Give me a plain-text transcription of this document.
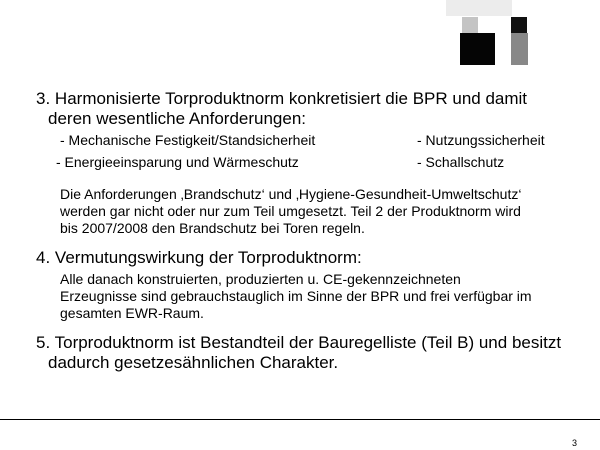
3. Harmonisierte Torproduktnorm konkretisiert die BPR und damit
deren wesentliche Anforderungen:
- Mechanische Festigkeit/Standsicherheit
- Energieeinsparung und Wärmeschutz
- Nutzungssicherheit
- Schallschutz
Die Anforderungen ‚Brandschutz‘ und ‚Hygiene-Gesundheit-Umweltschutz‘
werden gar nicht oder nur zum Teil umgesetzt. Teil 2 der Produktnorm wird
bis 2007/2008 den Brandschutz bei Toren regeln.
4. Vermutungswirkung der Torproduktnorm:
Alle danach konstruierten, produzierten u. CE-gekennzeichneten
Erzeugnisse sind gebrauchstauglich im Sinne der BPR und frei verfügbar im
gesamten EWR-Raum.
5. Torproduktnorm ist Bestandteil der Bauregelliste (Teil B) und besitzt
dadurch gesetzesähnlichen Charakter.
3
